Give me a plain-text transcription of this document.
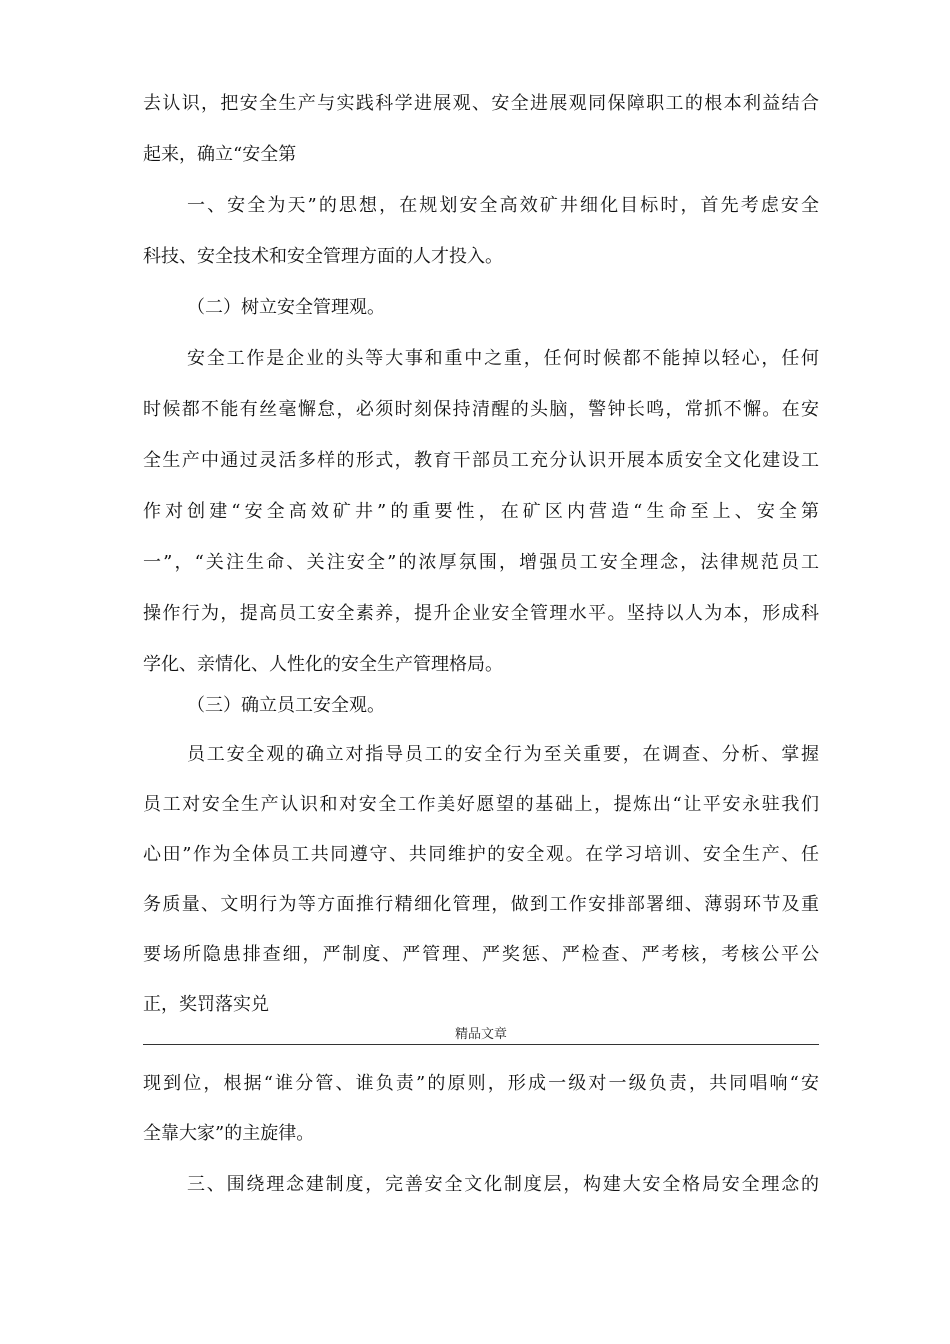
去认识，把安全生产与实践科学进展观、安全进展观同保障职工的根本利益结合
起来，确立“安全第
一、安全为天”的思想，在规划安全高效矿井细化目标时，首先考虑安全
科技、安全技术和安全管理方面的人才投入。
（二）树立安全管理观。
安全工作是企业的头等大事和重中之重，任何时候都不能掉以轻心，任何
时候都不能有丝毫懈怠，必须时刻保持清醒的头脑，警钟长鸣，常抓不懈。在安
全生产中通过灵活多样的形式，教育干部员工充分认识开展本质安全文化建设工
作对创建“安全高效矿井”的重要性，在矿区内营造“生命至上、安全第
一”，“关注生命、关注安全”的浓厚氛围，增强员工安全理念，法律规范员工
操作行为，提高员工安全素养，提升企业安全管理水平。坚持以人为本，形成科
学化、亲情化、人性化的安全生产管理格局。
（三）确立员工安全观。
员工安全观的确立对指导员工的安全行为至关重要，在调查、分析、掌握
员工对安全生产认识和对安全工作美好愿望的基础上，提炼出“让平安永驻我们
心田”作为全体员工共同遵守、共同维护的安全观。在学习培训、安全生产、任
务质量、文明行为等方面推行精细化管理，做到工作安排部署细、薄弱环节及重
要场所隐患排查细，严制度、严管理、严奖惩、严检查、严考核，考核公平公
正，奖罚落实兑
精品文章
现到位，根据“谁分管、谁负责”的原则，形成一级对一级负责，共同唱响“安
全靠大家”的主旋律。
三、围绕理念建制度，完善安全文化制度层，构建大安全格局安全理念的
